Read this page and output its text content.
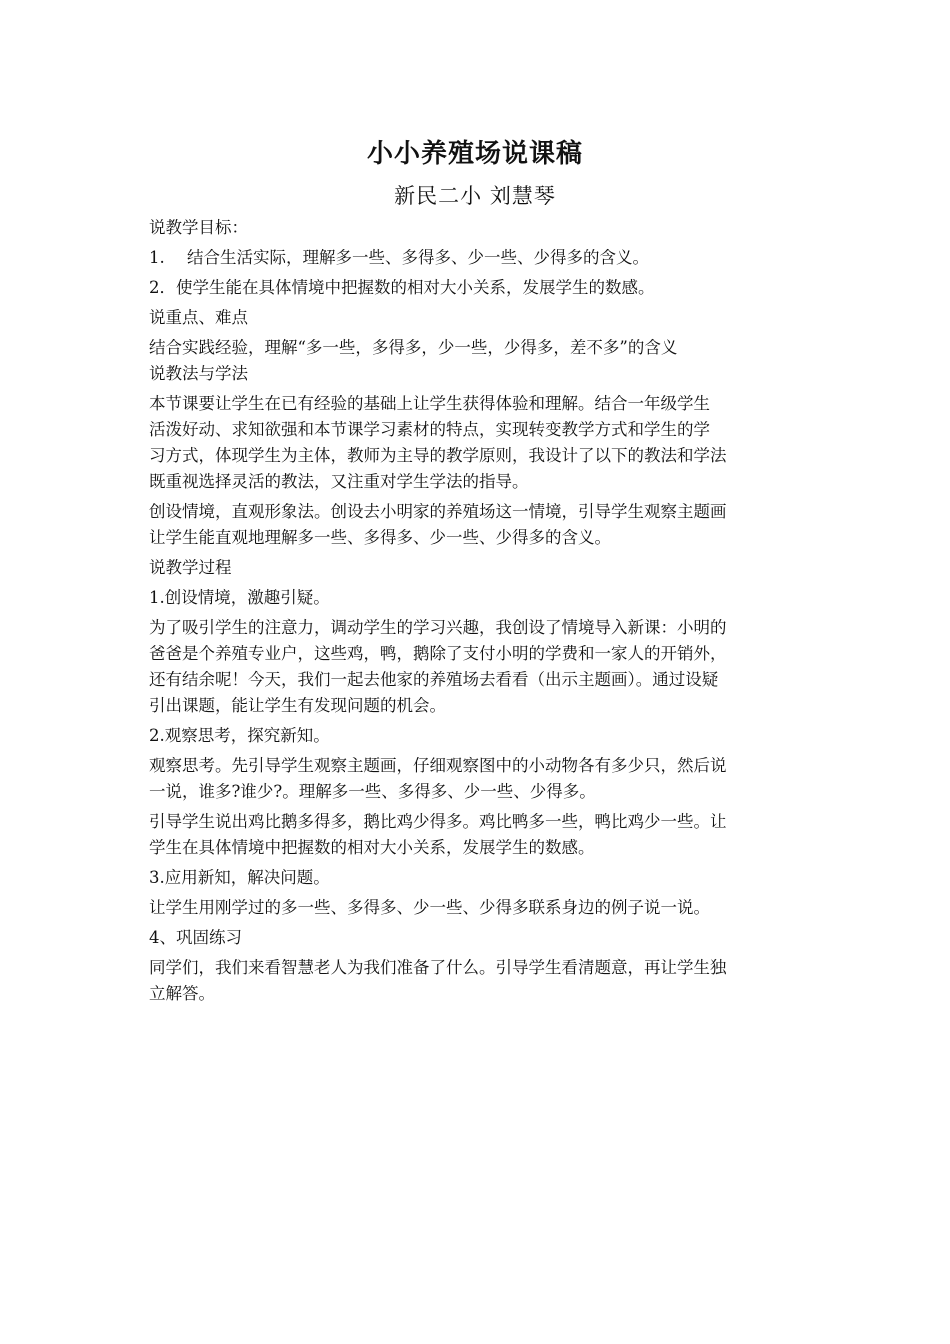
小小养殖场说课稿
新民二小 刘慧琴

说教学目标：

1. 结合生活实际，理解多一些、多得多、少一些、少得多的含义。

2．使学生能在具体情境中把握数的相对大小关系，发展学生的数感。

说重点、难点

结合实践经验，理解“多一些，多得多，少一些，少得多，差不多”的含义

说教法与学法

本节课要让学生在已有经验的基础上让学生获得体验和理解。结合一年级学生

活泼好动、求知欲强和本节课学习素材的特点，实现转变教学方式和学生的学

习方式，体现学生为主体，教师为主导的教学原则，我设计了以下的教法和学法

既重视选择灵活的教法，又注重对学生学法的指导。

创设情境，直观形象法。创设去小明家的养殖场这一情境，引导学生观察主题画

让学生能直观地理解多一些、多得多、少一些、少得多的含义。

说教学过程

1.创设情境，激趣引疑。

为了吸引学生的注意力，调动学生的学习兴趣，我创设了情境导入新课：小明的

爸爸是个养殖专业户，这些鸡，鸭，鹅除了支付小明的学费和一家人的开销外，

还有结余呢！今天，我们一起去他家的养殖场去看看（出示主题画）。通过设疑

引出课题，能让学生有发现问题的机会。

2.观察思考，探究新知。

观察思考。先引导学生观察主题画，仔细观察图中的小动物各有多少只，然后说

一说，谁多?谁少?。理解多一些、多得多、少一些、少得多。

引导学生说出鸡比鹅多得多，鹅比鸡少得多。鸡比鸭多一些，鸭比鸡少一些。让

学生在具体情境中把握数的相对大小关系，发展学生的数感。

3.应用新知，解决问题。

让学生用刚学过的多一些、多得多、少一些、少得多联系身边的例子说一说。

4、巩固练习

同学们，我们来看智慧老人为我们准备了什么。引导学生看清题意，再让学生独

立解答。
